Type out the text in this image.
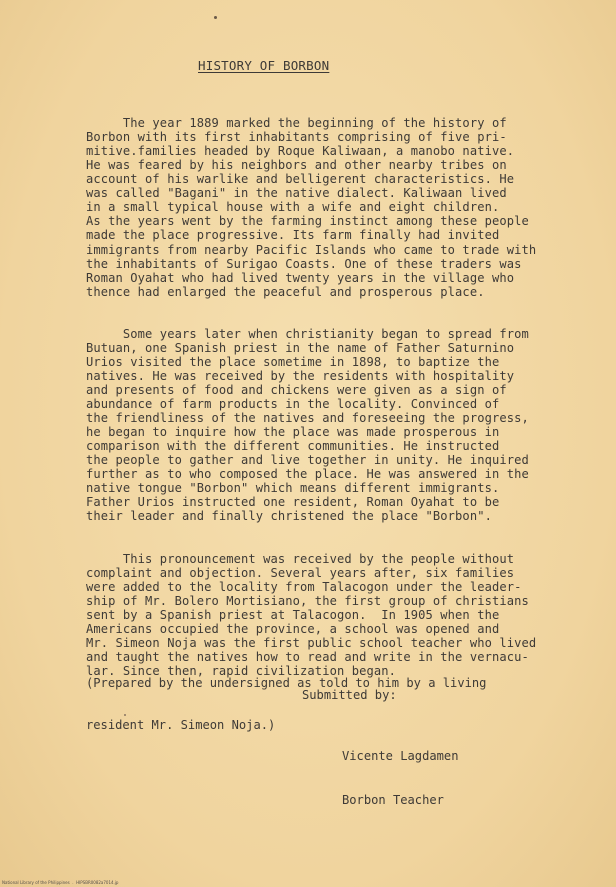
HISTORY OF BORBON

The year 1889 marked the beginning of the history of
Borbon with its first inhabitants comprising of five pri-
mitive.families headed by Roque Kaliwaan, a manobo native.
He was feared by his neighbors and other nearby tribes on
account of his warlike and belligerent characteristics. He
was called "Bagani" in the native dialect. Kaliwaan lived
in a small typical house with a wife and eight children.
As the years went by the farming instinct among these people
made the place progressive. Its farm finally had invited
immigrants from nearby Pacific Islands who came to trade with
the inhabitants of Surigao Coasts. One of these traders was
Roman Oyahat who had lived twenty years in the village who
thence had enlarged the peaceful and prosperous place.

Some years later when christianity began to spread from
Butuan, one Spanish priest in the name of Father Saturnino
Urios visited the place sometime in 1898, to baptize the
natives. He was received by the residents with hospitality
and presents of food and chickens were given as a sign of
abundance of farm products in the locality. Convinced of
the friendliness of the natives and foreseeing the progress,
he began to inquire how the place was made prosperous in
comparison with the different communities. He instructed
the people to gather and live together in unity. He inquired
further as to who composed the place. He was answered in the
native tongue "Borbon" which means different immigrants.
Father Urios instructed one resident, Roman Oyahat to be
their leader and finally christened the place "Borbon".

This pronouncement was received by the people without
complaint and objection. Several years after, six families
were added to the locality from Talacogon under the leader-
ship of Mr. Bolero Mortisiano, the first group of christians
sent by a Spanish priest at Talacogon.  In 1905 when the
Americans occupied the province, a school was opened and
Mr. Simeon Noja was the first public school teacher who lived
and taught the natives how to read and write in the vernacu-
lar. Since then, rapid civilization began.

(Prepared by the undersigned as told to him by a living

resident Mr. Simeon Noja.)

Submitted by:

Vicente Lagdamen

Borbon Teacher

National Library of the Philippines  .  HIPSBR0082a7014.jp
